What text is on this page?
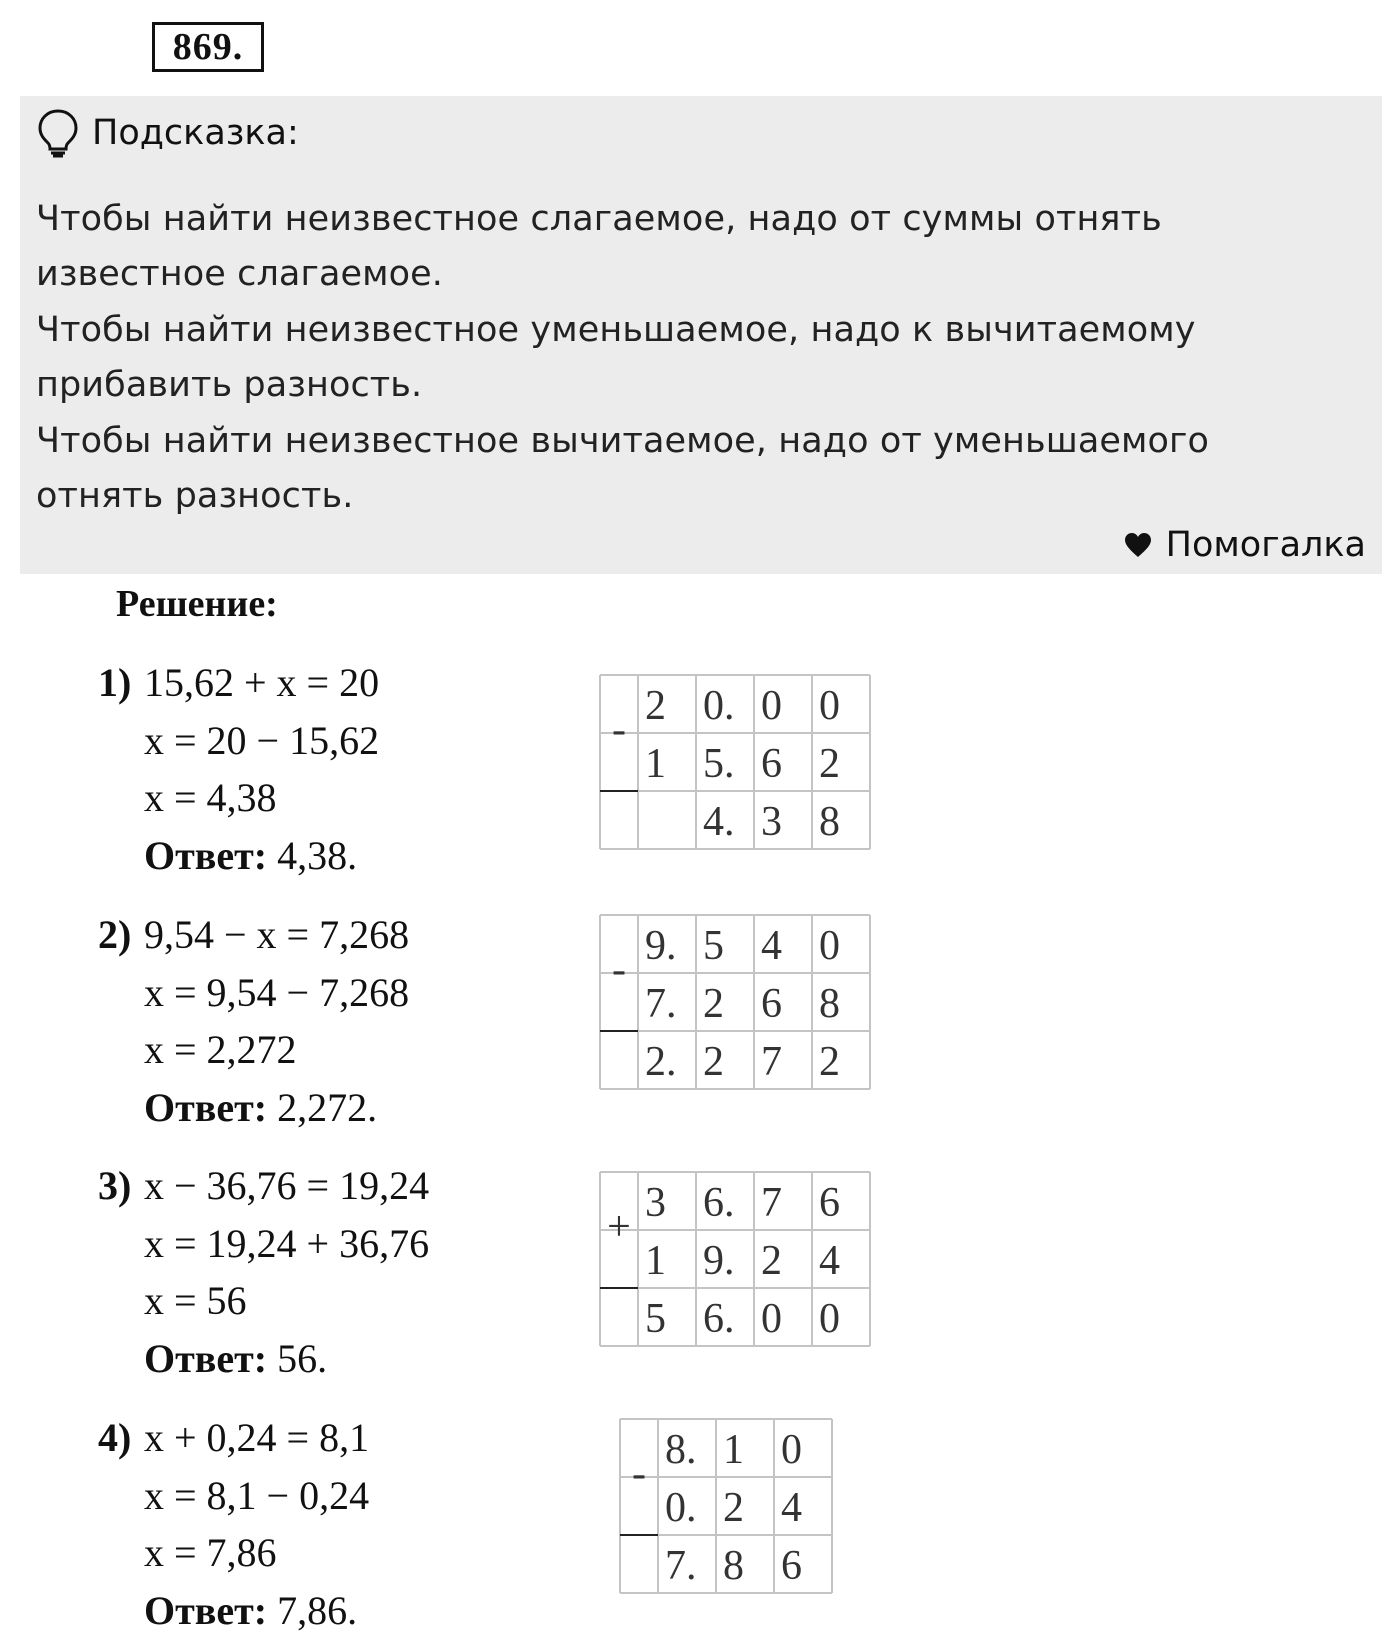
869.
Подсказка:
Чтобы найти неизвестное слагаемое, надо от суммы отнять
известное слагаемое.
Чтобы найти неизвестное уменьшаемое, надо к вычитаемому
прибавить разность.
Чтобы найти неизвестное вычитаемое, надо от уменьшаемого
отнять разность.
Помогалка
Решение:
1) 15,62 + x = 20
x = 20 − 15,62
x = 4,38
Ответ: 4,38.
-
2 0. 0 0
1 5. 6 2
4. 3 8
2) 9,54 − x = 7,268
x = 9,54 − 7,268
x = 2,272
Ответ: 2,272.
-
9. 5 4 0
7. 2 6 8
2. 2 7 2
3) x − 36,76 = 19,24
x = 19,24 + 36,76
x = 56
Ответ: 56.
+
3 6. 7 6
1 9. 2 4
5 6. 0 0
4) x + 0,24 = 8,1
x = 8,1 − 0,24
x = 7,86
Ответ: 7,86.
-
8. 1 0
0. 2 4
7. 8 6
